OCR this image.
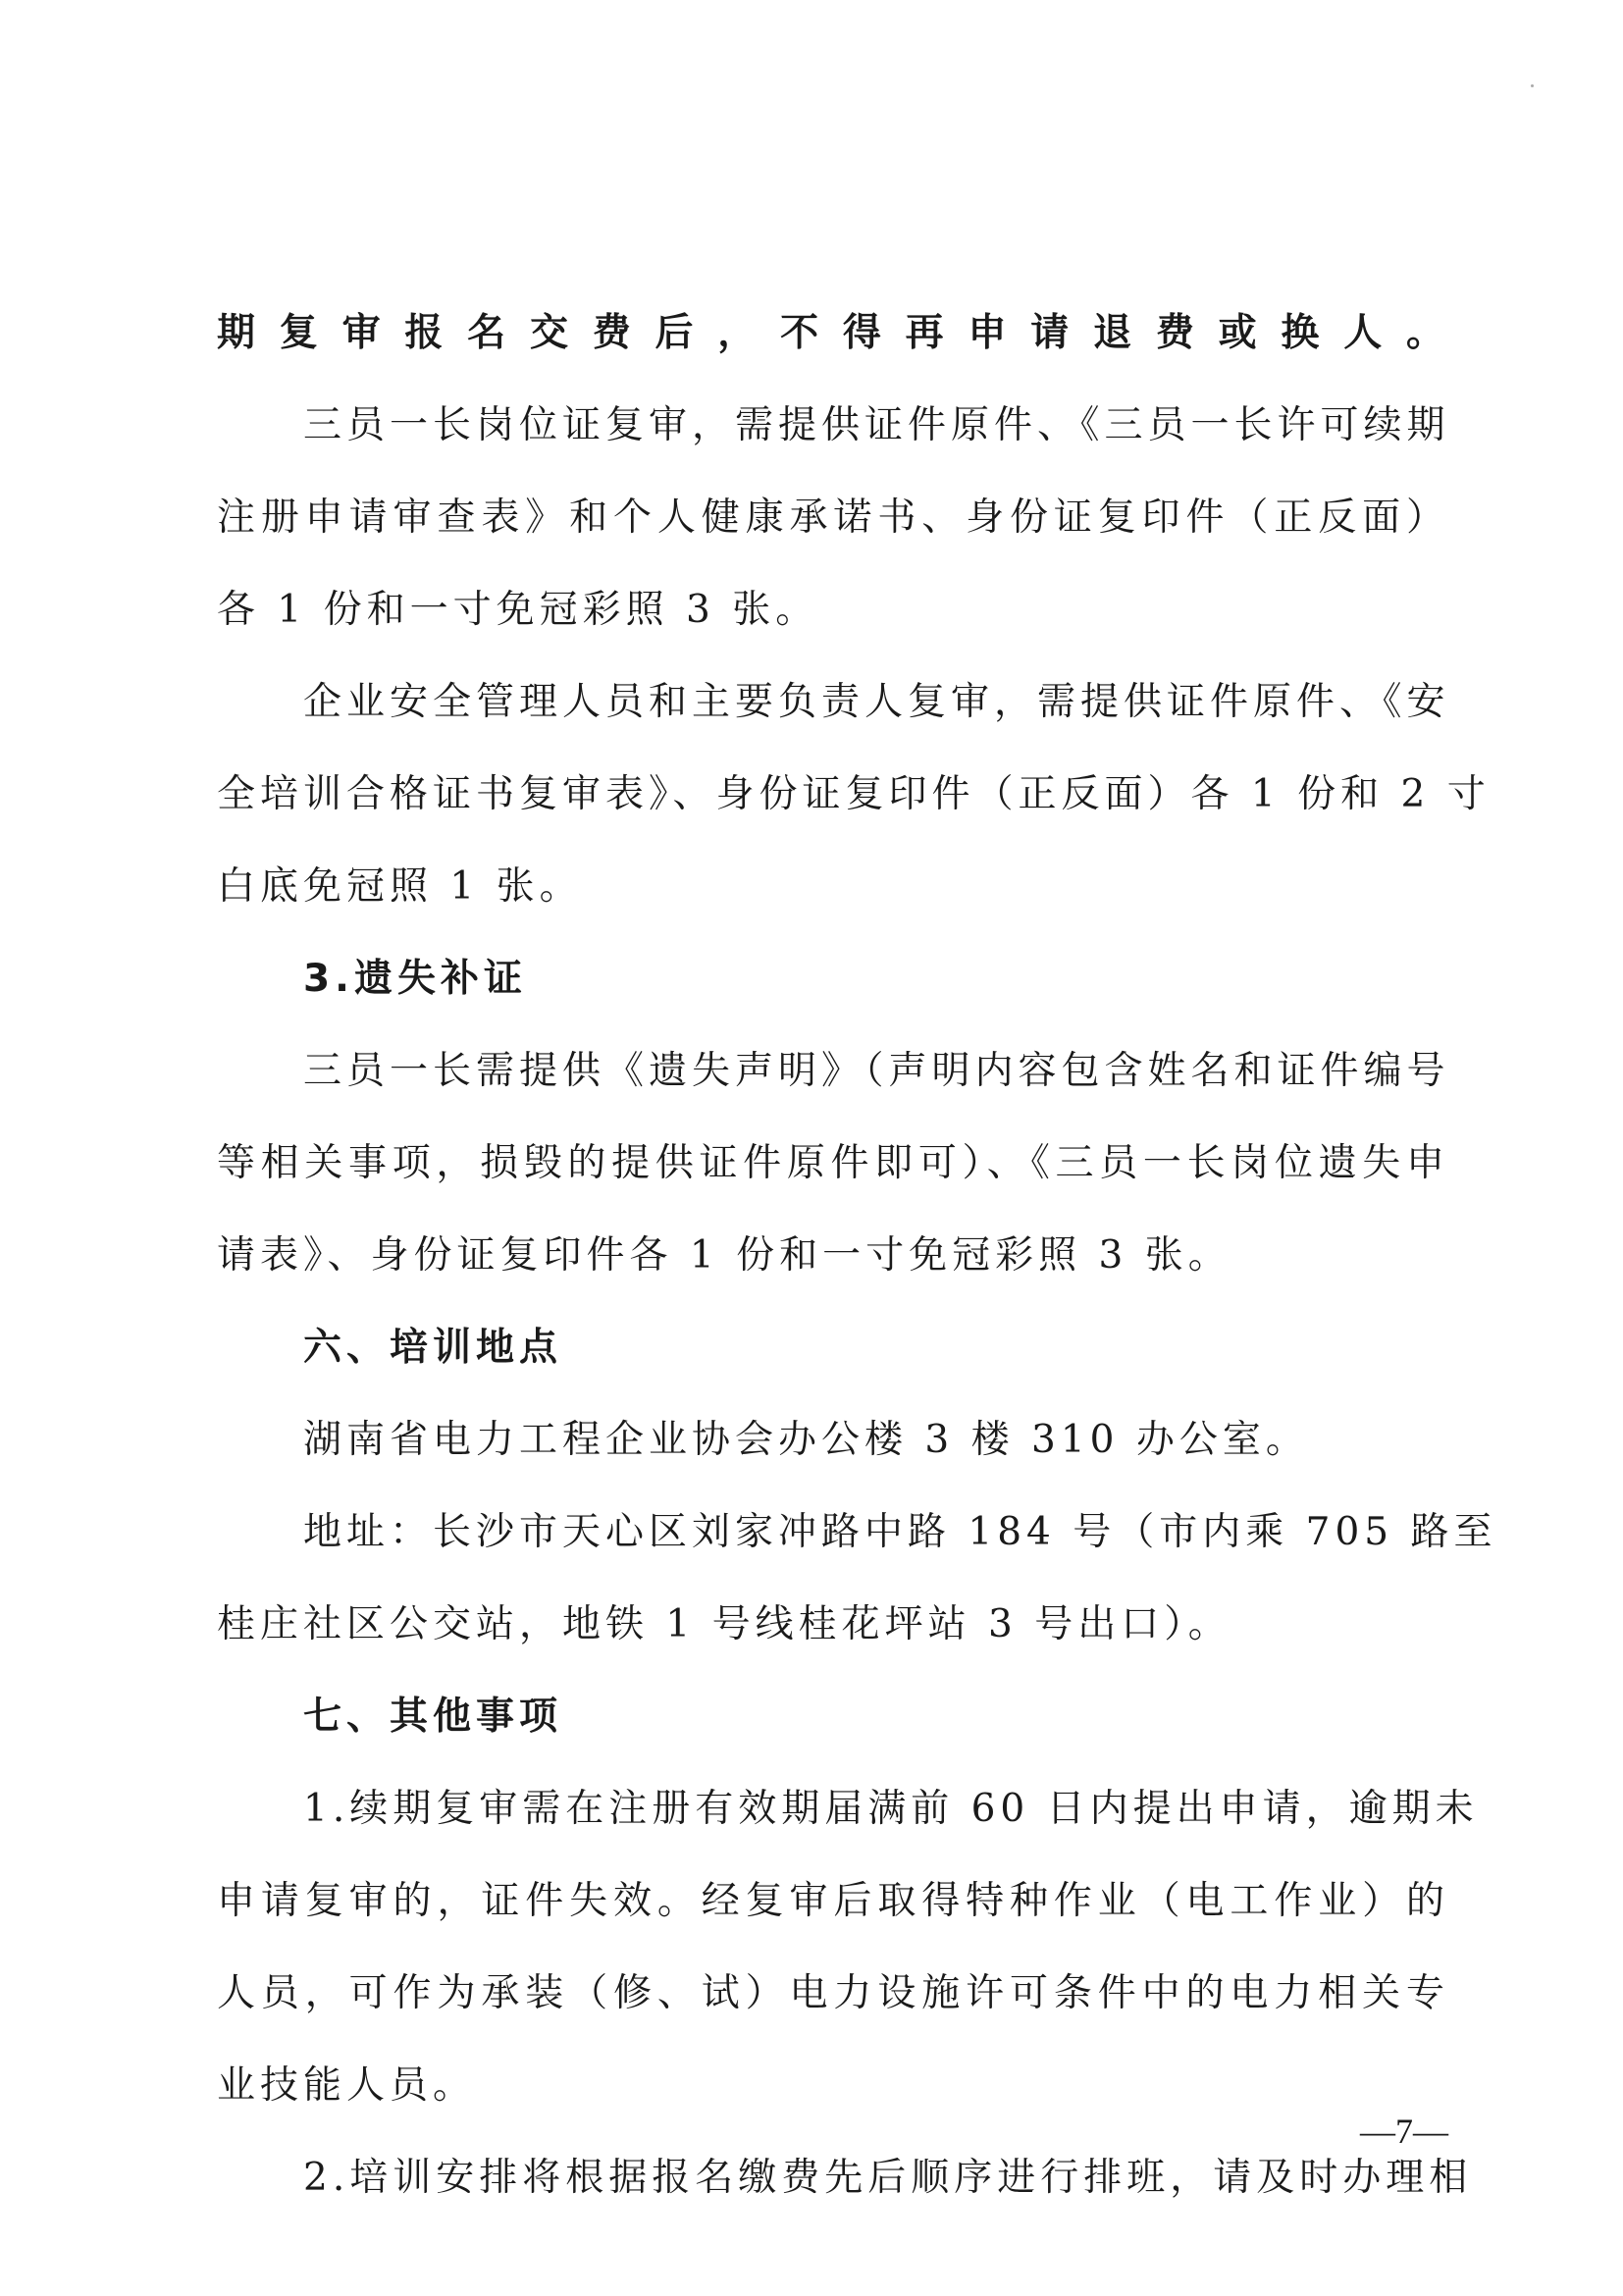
期复审报名交费后，不得再申请退费或换人。
三员一长岗位证复审，需提供证件原件、《三员一长许可续期
注册申请审查表》和个人健康承诺书、身份证复印件（正反面）
各 1 份和一寸免冠彩照 3 张。
企业安全管理人员和主要负责人复审，需提供证件原件、《安
全培训合格证书复审表》、身份证复印件（正反面）各 1 份和 2 寸
白底免冠照 1 张。
3.遗失补证
三员一长需提供《遗失声明》（声明内容包含姓名和证件编号
等相关事项，损毁的提供证件原件即可）、《三员一长岗位遗失申
请表》、身份证复印件各 1 份和一寸免冠彩照 3 张。
六、培训地点
湖南省电力工程企业协会办公楼 3 楼 310 办公室。
地址：长沙市天心区刘家冲路中路 184 号（市内乘 705 路至
桂庄社区公交站，地铁 1 号线桂花坪站 3 号出口）。
七、其他事项
1.续期复审需在注册有效期届满前 60 日内提出申请，逾期未
申请复审的，证件失效。经复审后取得特种作业（电工作业）的
人员，可作为承装（修、试）电力设施许可条件中的电力相关专
业技能人员。
2.培训安排将根据报名缴费先后顺序进行排班，请及时办理相
—7—
